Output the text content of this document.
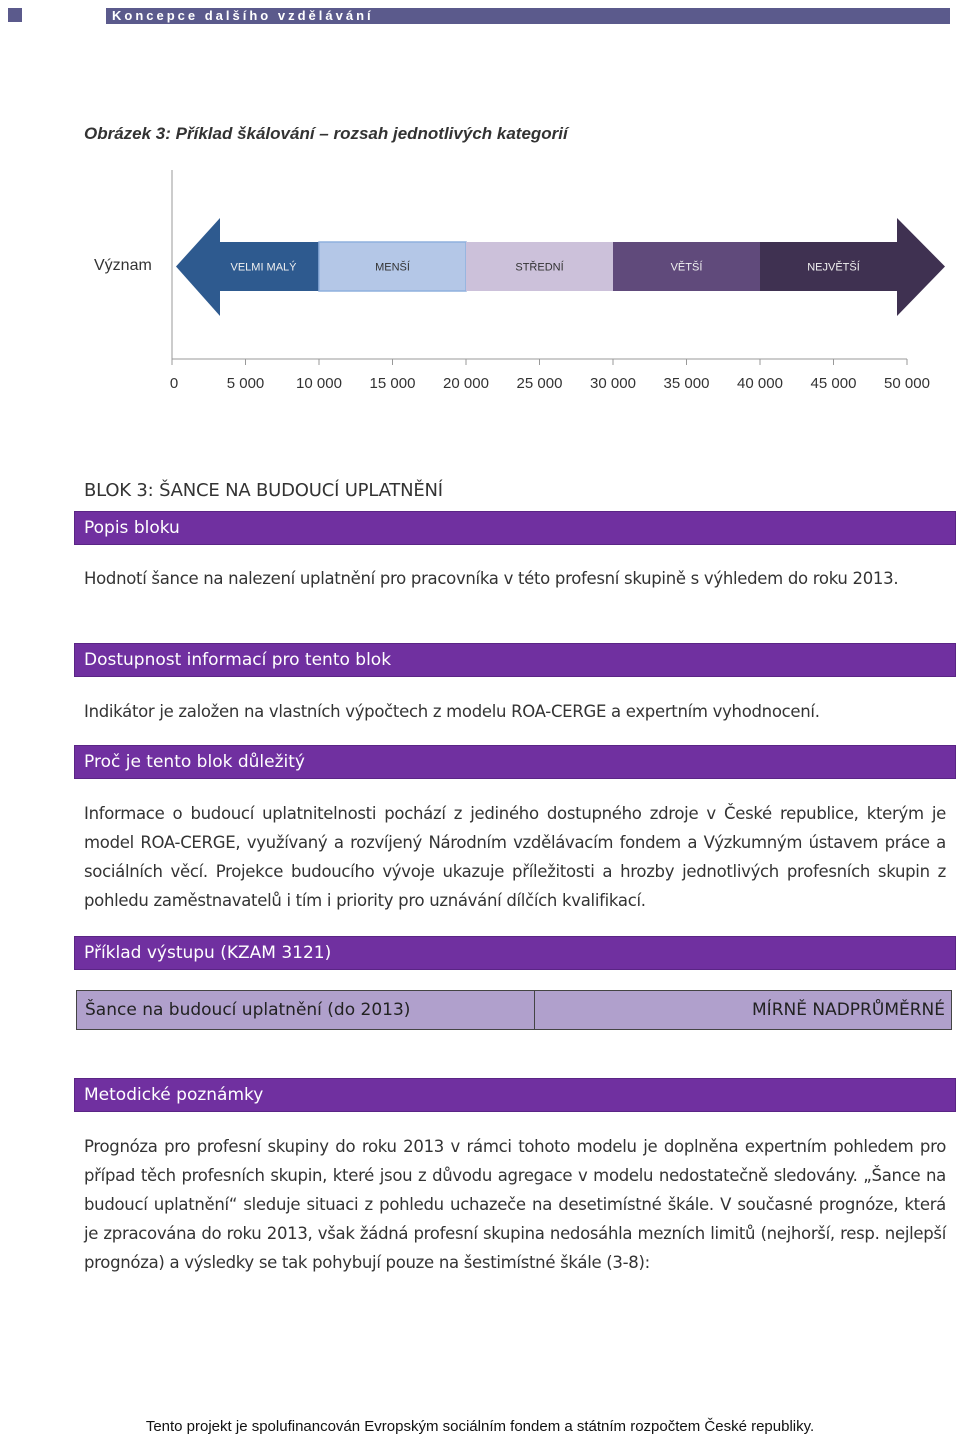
Koncepce dalšího vzdělávání
Obrázek 3: Příklad škálování – rozsah jednotlivých kategorií
VELMI MALÝ	MENŠÍ	STŘEDNÍ	VĚTŠÍ	NEJVĚTŠÍ
0	5 000 10 000 15 000 20 000 25 000 30 000 35 000 40 000 45 000 50 000
Význam
BLOK 3: ŠANCE NA BUDOUCÍ UPLATNĚNÍ
Popis bloku
Hodnotí šance na nalezení uplatnění pro pracovníka v této profesní skupině s výhledem do roku 2013.
Dostupnost informací pro tento blok
Indikátor je založen na vlastních výpočtech z modelu ROA-CERGE a expertním vyhodnocení.
Proč je tento blok důležitý
Informace o budoucí uplatnitelnosti pochází z jediného dostupného zdroje v České republice, kterým je model ROA-CERGE, využívaný a rozvíjený Národním vzdělávacím fondem a Výzkumným ústavem práce a sociálních věcí. Projekce budoucího vývoje ukazuje příležitosti a hrozby jednotlivých profesních skupin z pohledu zaměstnavatelů i tím i priority pro uznávání dílčích kvalifikací.
Příklad výstupu (KZAM 3121)
Šance na budoucí uplatnění (do 2013)	MÍRNĚ NADPRŮMĚRNÉ
Metodické poznámky
Prognóza pro profesní skupiny do roku 2013 v rámci tohoto modelu je doplněna expertním pohledem pro případ těch profesních skupin, které jsou z důvodu agregace v modelu nedostatečně sledovány. „Šance na budoucí uplatnění“ sleduje situaci z pohledu uchazeče na desetimístné škále. V současné prognóze, která je zpracována do roku 2013, však žádná profesní skupina nedosáhla mezních limitů (nejhorší, resp. nejlepší prognóza) a výsledky se tak pohybují pouze na šestimístné škále (3-8):
Tento projekt je spolufinancován Evropským sociálním fondem a státním rozpočtem České republiky.
